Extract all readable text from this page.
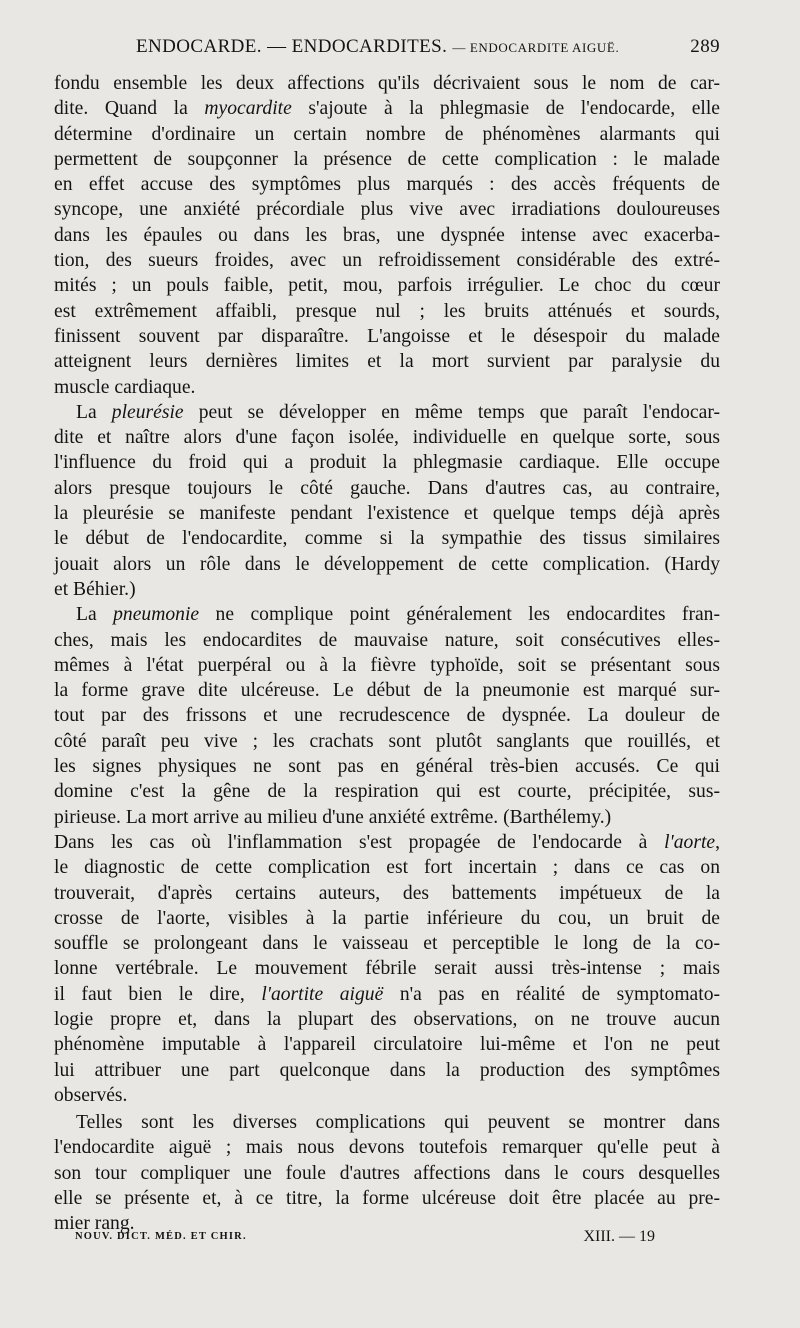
ENDOCARDE. — ENDOCARDITES. — ENDOCARDITE AIGUË.	289
fondu ensemble les deux affections qu'ils décrivaient sous le nom de car-
dite. Quand la myocardite s'ajoute à la phlegmasie de l'endocarde, elle
détermine d'ordinaire un certain nombre de phénomènes alarmants qui
permettent de soupçonner la présence de cette complication : le malade
en effet accuse des symptômes plus marqués : des accès fréquents de
syncope, une anxiété précordiale plus vive avec irradiations douloureuses
dans les épaules ou dans les bras, une dyspnée intense avec exacerba-
tion, des sueurs froides, avec un refroidissement considérable des extré-
mités ; un pouls faible, petit, mou, parfois irrégulier. Le choc du cœur
est extrêmement affaibli, presque nul ; les bruits atténués et sourds,
finissent souvent par disparaître. L'angoisse et le désespoir du malade
atteignent leurs dernières limites et la mort survient par paralysie du
muscle cardiaque.
La pleurésie peut se développer en même temps que paraît l'endocar-
dite et naître alors d'une façon isolée, individuelle en quelque sorte, sous
l'influence du froid qui a produit la phlegmasie cardiaque. Elle occupe
alors presque toujours le côté gauche. Dans d'autres cas, au contraire,
la pleurésie se manifeste pendant l'existence et quelque temps déjà après
le début de l'endocardite, comme si la sympathie des tissus similaires
jouait alors un rôle dans le développement de cette complication. (Hardy
et Béhier.)
La pneumonie ne complique point généralement les endocardites fran-
ches, mais les endocardites de mauvaise nature, soit consécutives elles-
mêmes à l'état puerpéral ou à la fièvre typhoïde, soit se présentant sous
la forme grave dite ulcéreuse. Le début de la pneumonie est marqué sur-
tout par des frissons et une recrudescence de dyspnée. La douleur de
côté paraît peu vive ; les crachats sont plutôt sanglants que rouillés, et
les signes physiques ne sont pas en général très-bien accusés. Ce qui
domine c'est la gêne de la respiration qui est courte, précipitée, sus-
pirieuse. La mort arrive au milieu d'une anxiété extrême. (Barthélemy.)
Dans les cas où l'inflammation s'est propagée de l'endocarde à l'aorte,
le diagnostic de cette complication est fort incertain ; dans ce cas on
trouverait, d'après certains auteurs, des battements impétueux de la
crosse de l'aorte, visibles à la partie inférieure du cou, un bruit de
souffle se prolongeant dans le vaisseau et perceptible le long de la co-
lonne vertébrale. Le mouvement fébrile serait aussi très-intense ; mais
il faut bien le dire, l'aortite aiguë n'a pas en réalité de symptomato-
logie propre et, dans la plupart des observations, on ne trouve aucun
phénomène imputable à l'appareil circulatoire lui-même et l'on ne peut
lui attribuer une part quelconque dans la production des symptômes
observés.
Telles sont les diverses complications qui peuvent se montrer dans
l'endocardite aiguë ; mais nous devons toutefois remarquer qu'elle peut à
son tour compliquer une foule d'autres affections dans le cours desquelles
elle se présente et, à ce titre, la forme ulcéreuse doit être placée au pre-
mier rang.
NOUV. DICT. MÉD. ET CHIR.	XIII. — 19
